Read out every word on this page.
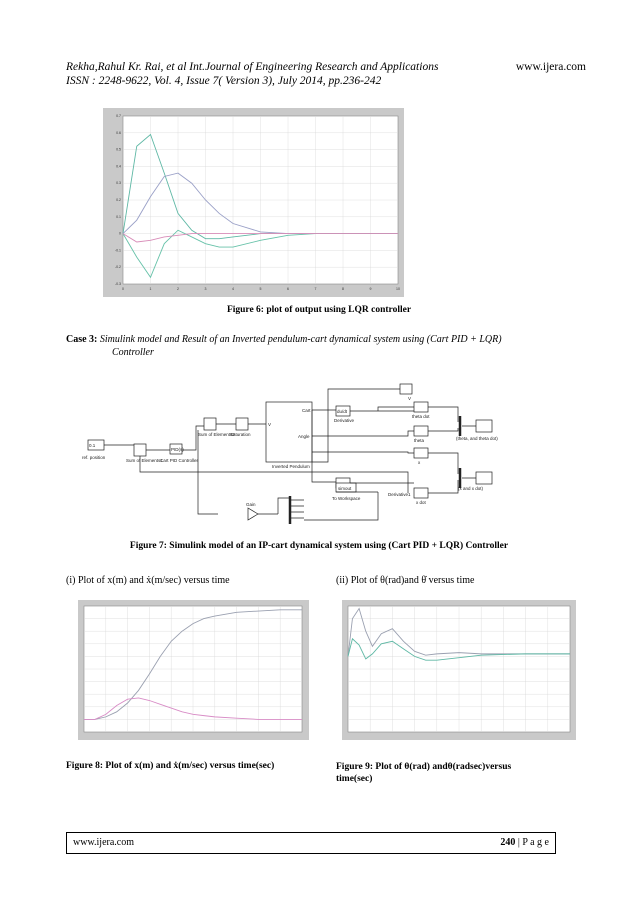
Rekha,Rahul Kr. Rai, et al Int.Journal of Engineering Research and Applications	www.ijera.com
ISSN : 2248-9622, Vol. 4, Issue 7( Version 3), July 2014, pp.236-242
0	1	2	3	4	5	6	7	8	9	10
-0.3
-0.2
-0.1
0
0.1
0.2
0.3
0.4
0.5
0.6
0.7
Figure 6: plot of output using LQR controller
Case 3: Simulink model and Result of an Inverted pendulum-cart dynamical system using (Cart PID + LQR)
Controller
0.1
ref. position
Sum of Elements1
PID(s)
Cart PID Controller
Sum of Elements2
Saturation
Cart
Angle
V
Inverted Pendulum
du/dt
Derivative
V
theta dot
theta	(theta, and theta dot)
x
(x and x dot)
x dot
simout
To Workspace
Derivative1
Gain
Figure 7: Simulink model of an IP-cart dynamical system using (Cart PID + LQR) Controller
(i) Plot of x(m) and ẋ(m/sec) versus time	(ii) Plot of θ(rad)and θ̇ versus time
Figure 8: Plot of x(m) and ẋ(m/sec) versus time(sec)	Figure 9: Plot of θ(rad) andθ(radsec)versus
time(sec)
www.ijera.com	240 | P a g e
